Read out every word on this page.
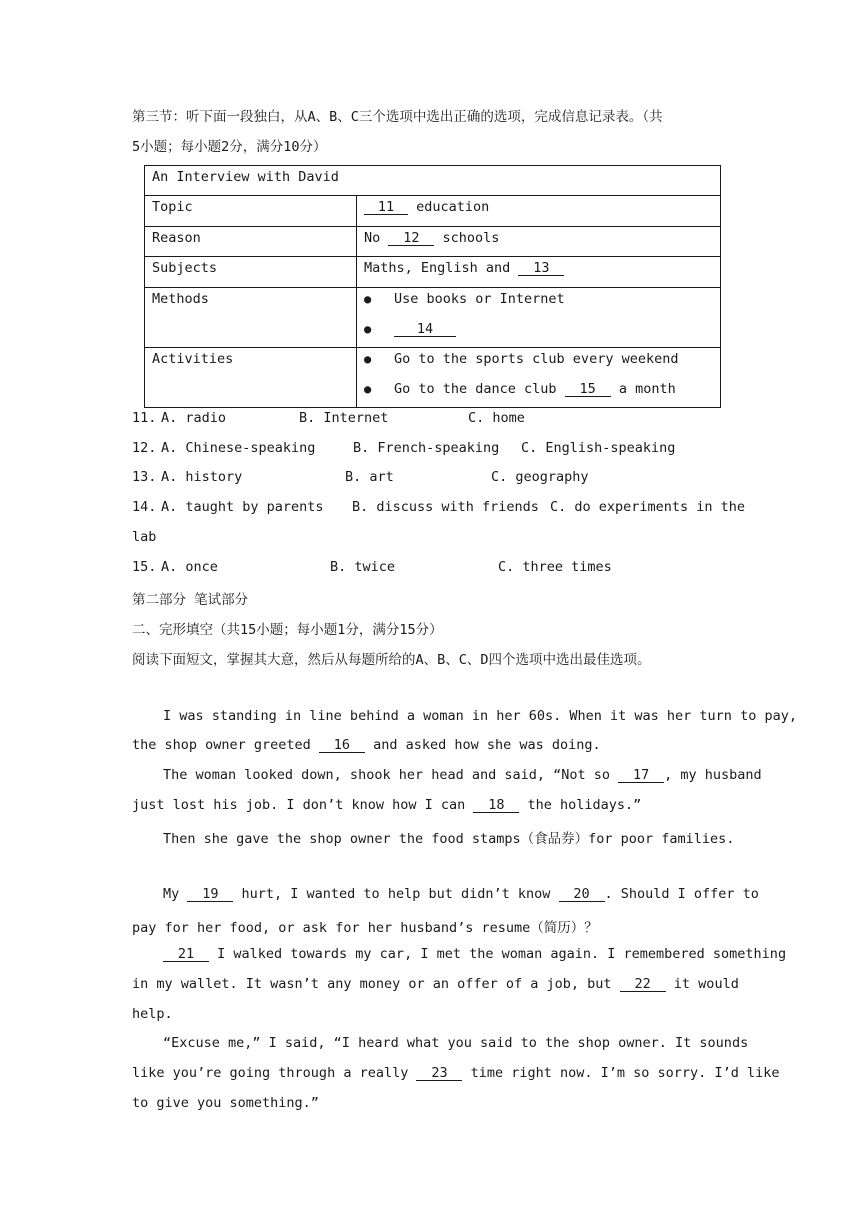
第三节：听下面一段独白，从A、B、C三个选项中选出正确的选项，完成信息记录表。（共
5小题；每小题2分，满分10分）
An Interview with David	
Topic	11 education
Reason	No 12 schools
Subjects	Maths, English and 13
Methods	● Use books or Internet
● 14

Activities	● Go to the sports club every weekend
● Go to the dance club 15 a month
11. A. radio	B. Internet	C. home
12. A. Chinese-speaking	B. French-speaking C. English-speaking
13. A. history	B. art	C. geography
14. A. taught by parents B. discuss with friends C. do experiments in the
lab
15. A. once	B. twice	C. three times
第二部分 笔试部分
二、完形填空（共15小题；每小题1分，满分15分）
阅读下面短文，掌握其大意，然后从每题所给的A、B、C、D四个选项中选出最佳选项。
I was standing in line behind a woman in her 60s. When it was her turn to pay,
the shop owner greeted 16 and asked how she was doing.
The woman looked down, shook her head and said, “Not so 17 , my husband
just lost his job. I don’t know how I can 18 the holidays.”
Then she gave the shop owner the food stamps（食品券）for poor families.
My 19 hurt, I wanted to help but didn’t know 20 . Should I offer to
pay for her food, or ask for her husband’s resume（简历）？
21 I walked towards my car, I met the woman again. I remembered something
in my wallet. It wasn’t any money or an offer of a job, but 22 it would
help.
“Excuse me,” I said, “I heard what you said to the shop owner. It sounds
like you’re going through a really 23 time right now. I’m so sorry. I’d like
to give you something.”
